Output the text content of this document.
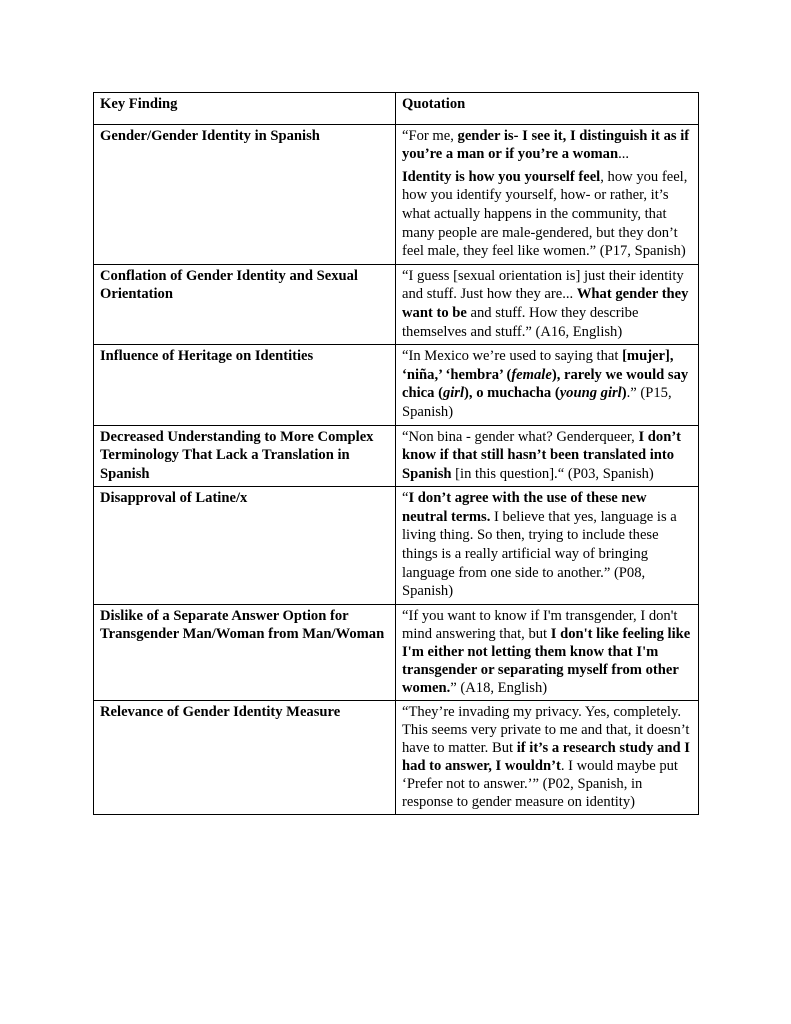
Key Finding	Quotation
Gender/Gender Identity in Spanish	“For me, gender is- I see it, I distinguish it as if you’re a man or if you’re a woman...
Identity is how you yourself feel, how you feel, how you identify yourself, how- or rather, it’s what actually happens in the community, that many people are male-gendered, but they don’t feel male, they feel like women.” (P17, Spanish)

Conflation of Gender Identity and Sexual Orientation	“I guess [sexual orientation is] just their identity and stuff. Just how they are... What gender they want to be and stuff. How they describe themselves and stuff.” (A16, English)

Influence of Heritage on Identities	“In Mexico we’re used to saying that [mujer], ‘niña,’ ‘hembra’ (female), rarely we would say chica (girl), o muchacha (young girl).” (P15, Spanish)

Decreased Understanding to More Complex Terminology That Lack a Translation in Spanish	“Non bina - gender what? Genderqueer, I don’t know if that still hasn’t been translated into Spanish [in this question].“ (P03, Spanish)

Disapproval of Latine/x	“I don’t agree with the use of these new neutral terms. I believe that yes, language is a living thing. So then, trying to include these things is a really artificial way of bringing language from one side to another.” (P08, Spanish)

Dislike of a Separate Answer Option for Transgender Man/Woman from Man/Woman	“If you want to know if I'm transgender, I don't mind answering that, but I don't like feeling like I'm either not letting them know that I'm transgender or separating myself from other women.” (A18, English)

Relevance of Gender Identity Measure	“They’re invading my privacy. Yes, completely. This seems very private to me and that, it doesn’t have to matter. But if it’s a research study and I had to answer, I wouldn’t. I would maybe put ‘Prefer not to answer.’” (P02, Spanish, in response to gender measure on identity)
